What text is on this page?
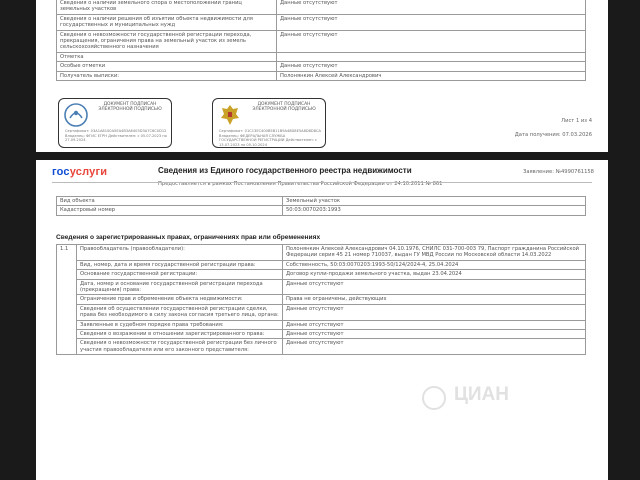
Сведения о наличии земельного спора о местоположении границ земельных участков	Данные отсутствуют
Сведения о наличии решения об изъятии объекта недвижимости для государственных и муниципальных нужд	Данные отсутствуют
Сведения о невозможности государственной регистрации перехода, прекращения, ограничения права на земельный участок из земель сельскохозяйственного назначения	Данные отсутствуют
Отметка	
Особые отметки	Данные отсутствуют
Получатель выписки:	Полонянкин Алексей Александрович
ДОКУМЕНТ ПОДПИСАН ЭЛЕКТРОННОЙ ПОДПИСЬЮ
Сертификат: 03A1A8100A5EA4B3A6403D3A7C6C0D12 Владелец: ФГИС ЕГРН Действителен: с 05.07.2023 по 27.09.2024
ДОКУМЕНТ ПОДПИСАН ЭЛЕКТРОННОЙ ПОДПИСЬЮ
Сертификат: 01C13EC400B5B11B9A48D8E5A8D6D8CA Владелец: ФЕДЕРАЛЬНАЯ СЛУЖБА ГОСУДАРСТВЕННОЙ РЕГИСТРАЦИИ Действителен: с 13.07.2023 по 05.10.2024
Лист 1 из 4
Дата получения: 07.03.2026
госуслуги	Сведения из Единого государственного реестра недвижимости	Заявление: №4990761158
Предоставляется в рамках Постановления Правительства Российской Федерации от 24.10.2011 № 861
Вид объекта	Земельный участок
Кадастровый номер	50:03:0070203:1993
Сведения о зарегистрированных правах, ограничениях прав или обременениях
1.1	Правообладатель (правообладатели):	Полонянкин Алексей Александрович 04.10.1976, СНИЛС 031-700-003 79, Паспорт гражданина Российской Федерации серия 45 21 номер 710037, выдан ГУ МВД России по Московской области 14.03.2022
	Вид, номер, дата и время государственной регистрации права:	Собственность, 50:03:0070203:1993-50/124/2024-4, 25.04.2024
	Основание государственной регистрации:	Договор купли-продажи земельного участка, выдан 23.04.2024
	Дата, номер и основание государственной регистрации перехода (прекращения) права:	Данные отсутствуют
	Ограничение прав и обременение объекта недвижимости:	Права не ограничены, действующих
	Сведения об осуществлении государственной регистрации сделки, права без необходимого в силу закона согласия третьего лица, органа:	Данные отсутствуют
	Заявленные в судебном порядке права требования:	Данные отсутствуют
	Сведения о возражении в отношении зарегистрированного права:	Данные отсутствуют
	Сведения о невозможности государственной регистрации без личного участия правообладателя или его законного представителя:	Данные отсутствуют
ЦИАН
